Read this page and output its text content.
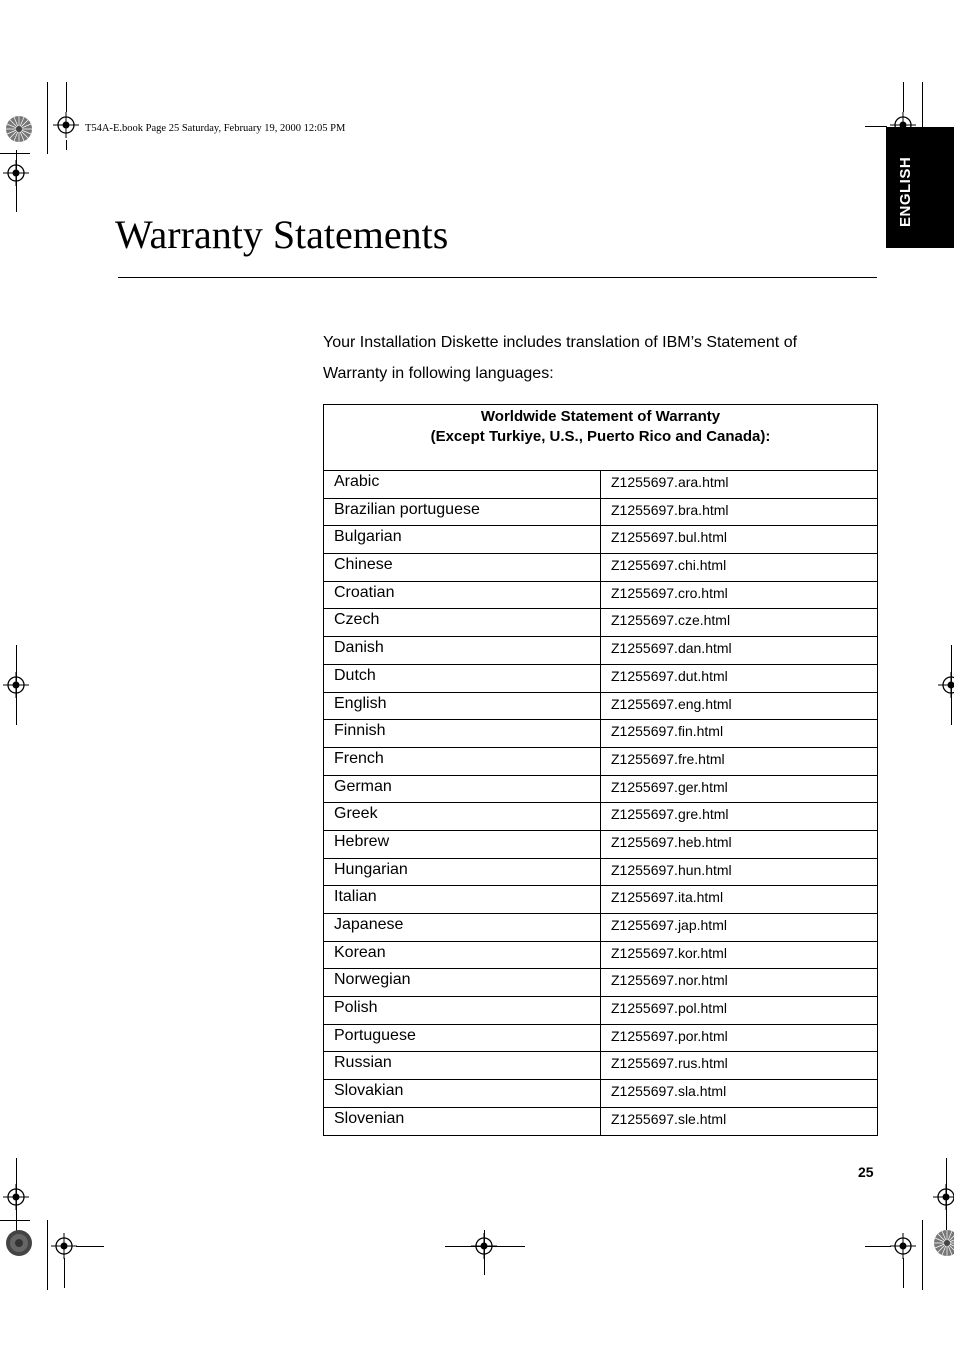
T54A-E.book Page 25 Saturday, February 19, 2000 12:05 PM
ENGLISH
Warranty Statements

Your Installation Diskette includes translation of IBM’s Statement of Warranty in following languages:

Worldwide Statement of Warranty
(Except Turkiye, U.S., Puerto Rico and Canada):	

Arabic	Z1255697.ara.html
Brazilian portuguese	Z1255697.bra.html
Bulgarian	Z1255697.bul.html
Chinese	Z1255697.chi.html
Croatian	Z1255697.cro.html
Czech	Z1255697.cze.html
Danish	Z1255697.dan.html
Dutch	Z1255697.dut.html
English	Z1255697.eng.html
Finnish	Z1255697.fin.html
French	Z1255697.fre.html
German	Z1255697.ger.html
Greek	Z1255697.gre.html
Hebrew	Z1255697.heb.html
Hungarian	Z1255697.hun.html
Italian	Z1255697.ita.html
Japanese	Z1255697.jap.html
Korean	Z1255697.kor.html
Norwegian	Z1255697.nor.html
Polish	Z1255697.pol.html
Portuguese	Z1255697.por.html
Russian	Z1255697.rus.html
Slovakian	Z1255697.sla.html
Slovenian	Z1255697.sle.html
25
